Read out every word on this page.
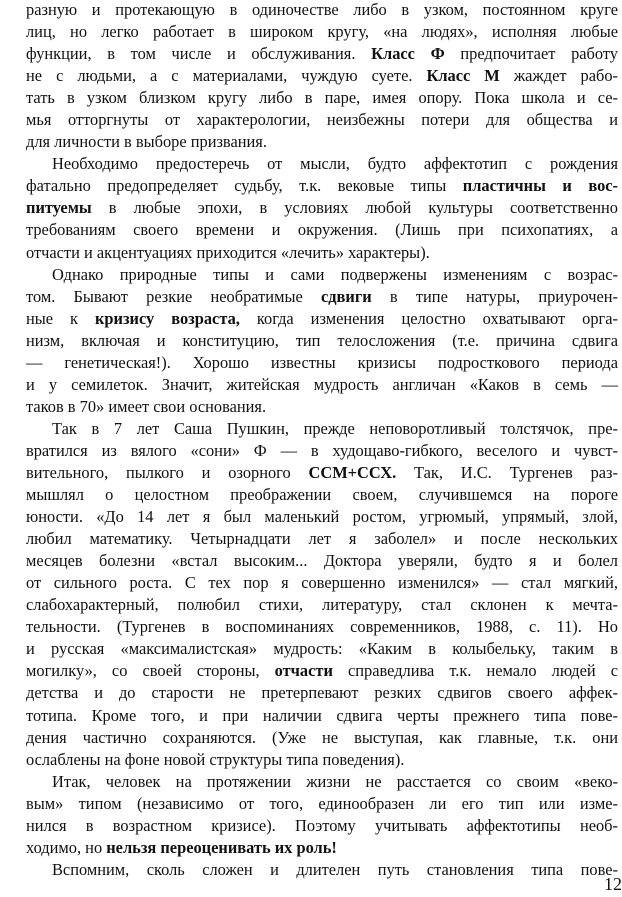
разную и протекающую в одиночестве либо в узком, постоянном круге
лиц, но легко работает в широком кругу, «на людях», исполняя любые
функции, в том числе и обслуживания. Класс Ф предпочитает работу
не с людьми, а с материалами, чуждую суете. Класс М жаждет рабо-
тать в узком близком кругу либо в паре, имея опору. Пока школа и се-
мья отторгнуты от характерологии, неизбежны потери для общества и
для личности в выборе призвания.
Необходимо предостеречь от мысли, будто аффектотип с рождения
фатально предопределяет судьбу, т.к. вековые типы пластичны и вос-
питуемы в любые эпохи, в условиях любой культуры соответственно
требованиям своего времени и окружения. (Лишь при психопатиях, а
отчасти и акцентуациях приходится «лечить» характеры).
Однако природные типы и сами подвержены изменениям с возрас-
том. Бывают резкие необратимые сдвиги в типе натуры, приурочен-
ные к кризису возраста, когда изменения целостно охватывают орга-
низм, включая и конституцию, тип телосложения (т.е. причина сдвига
— генетическая!). Хорошо известны кризисы подросткового периода
и у семилеток. Значит, житейская мудрость англичан «Каков в семь —
таков в 70» имеет свои основания.
Так в 7 лет Саша Пушкин, прежде неповоротливый толстячок, пре-
вратился из вялого «сони» Ф — в худощаво-гибкого, веселого и чувст-
вительного, пылкого и озорного ССМ+ССХ. Так, И.С. Тургенев раз-
мышлял о целостном преображении своем, случившемся на пороге
юности. «До 14 лет я был маленький ростом, угрюмый, упрямый, злой,
любил математику. Четырнадцати лет я заболел» и после нескольких
месяцев болезни «встал высоким... Доктора уверяли, будто я и болел
от сильного роста. С тех пор я совершенно изменился» — стал мягкий,
слабохарактерный, полюбил стихи, литературу, стал склонен к мечта-
тельности. (Тургенев в воспоминаниях современников, 1988, с. 11). Но
и русская «максималистская» мудрость: «Каким в колыбельку, таким в
могилку», со своей стороны, отчасти справедлива т.к. немало людей с
детства и до старости не претерпевают резких сдвигов своего аффек-
тотипа. Кроме того, и при наличии сдвига черты прежнего типа пове-
дения частично сохраняются. (Уже не выступая, как главные, т.к. они
ослаблены на фоне новой структуры типа поведения).
Итак, человек на протяжении жизни не расстается со своим «веко-
вым» типом (независимо от того, единообразен ли его тип или изме-
нился в возрастном кризисе). Поэтому учитывать аффектотипы необ-
ходимо, но нельзя переоценивать их роль!
Вспомним, сколь сложен и длителен путь становления типа пове-
12
